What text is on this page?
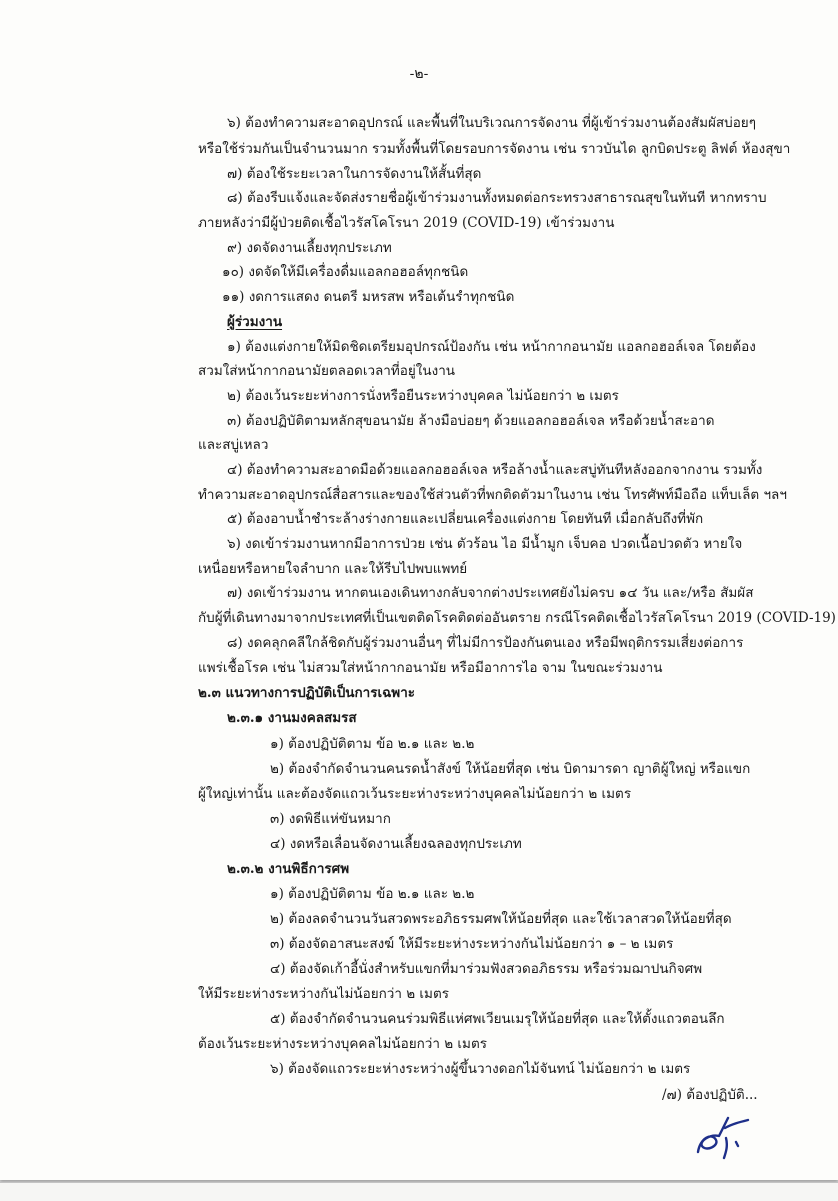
-๒-
๖) ต้องทำความสะอาดอุปกรณ์ และพื้นที่ในบริเวณการจัดงาน ที่ผู้เข้าร่วมงานต้องสัมผัสบ่อยๆ
หรือใช้ร่วมกันเป็นจำนวนมาก รวมทั้งพื้นที่โดยรอบการจัดงาน เช่น ราวบันได ลูกบิดประตู ลิฟต์ ห้องสุขา
๗) ต้องใช้ระยะเวลาในการจัดงานให้สั้นที่สุด
๘) ต้องรีบแจ้งและจัดส่งรายชื่อผู้เข้าร่วมงานทั้งหมดต่อกระทรวงสาธารณสุขในทันที หากทราบ
ภายหลังว่ามีผู้ป่วยติดเชื้อไวรัสโคโรนา 2019 (COVID-19) เข้าร่วมงาน
๙) งดจัดงานเลี้ยงทุกประเภท
๑๐) งดจัดให้มีเครื่องดื่มแอลกอฮอล์ทุกชนิด
๑๑) งดการแสดง ดนตรี มหรสพ หรือเต้นรำทุกชนิด
ผู้ร่วมงาน
๑) ต้องแต่งกายให้มิดชิดเตรียมอุปกรณ์ป้องกัน เช่น หน้ากากอนามัย แอลกอฮอล์เจล โดยต้อง
สวมใส่หน้ากากอนามัยตลอดเวลาที่อยู่ในงาน
๒) ต้องเว้นระยะห่างการนั่งหรือยืนระหว่างบุคคล ไม่น้อยกว่า ๒ เมตร
๓) ต้องปฏิบัติตามหลักสุขอนามัย ล้างมือบ่อยๆ ด้วยแอลกอฮอล์เจล หรือด้วยน้ำสะอาด
และสบู่เหลว
๔) ต้องทำความสะอาดมือด้วยแอลกอฮอล์เจล หรือล้างน้ำและสบู่ทันทีหลังออกจากงาน รวมทั้ง
ทำความสะอาดอุปกรณ์สื่อสารและของใช้ส่วนตัวที่พกติดตัวมาในงาน เช่น โทรศัพท์มือถือ แท็บเล็ต ฯลฯ
๕) ต้องอาบน้ำชำระล้างร่างกายและเปลี่ยนเครื่องแต่งกาย โดยทันที เมื่อกลับถึงที่พัก
๖) งดเข้าร่วมงานหากมีอาการป่วย เช่น ตัวร้อน ไอ มีน้ำมูก เจ็บคอ ปวดเนื้อปวดตัว หายใจ
เหนื่อยหรือหายใจลำบาก และให้รีบไปพบแพทย์
๗) งดเข้าร่วมงาน หากตนเองเดินทางกลับจากต่างประเทศยังไม่ครบ ๑๔ วัน และ/หรือ สัมผัส
กับผู้ที่เดินทางมาจากประเทศที่เป็นเขตติดโรคติดต่ออันตราย กรณีโรคติดเชื้อไวรัสโคโรนา 2019 (COVID-19)
๘) งดคลุกคลีใกล้ชิดกับผู้ร่วมงานอื่นๆ ที่ไม่มีการป้องกันตนเอง หรือมีพฤติกรรมเสี่ยงต่อการ
แพร่เชื้อโรค เช่น ไม่สวมใส่หน้ากากอนามัย หรือมีอาการไอ จาม ในขณะร่วมงาน
๒.๓ แนวทางการปฏิบัติเป็นการเฉพาะ
๒.๓.๑ งานมงคลสมรส
๑) ต้องปฏิบัติตาม ข้อ ๒.๑ และ ๒.๒
๒) ต้องจำกัดจำนวนคนรดน้ำสังข์ ให้น้อยที่สุด เช่น บิดามารดา ญาติผู้ใหญ่ หรือแขก
ผู้ใหญ่เท่านั้น และต้องจัดแถวเว้นระยะห่างระหว่างบุคคลไม่น้อยกว่า ๒ เมตร
๓) งดพิธีแห่ขันหมาก
๔) งดหรือเลื่อนจัดงานเลี้ยงฉลองทุกประเภท
๒.๓.๒ งานพิธีการศพ
๑) ต้องปฏิบัติตาม ข้อ ๒.๑ และ ๒.๒
๒) ต้องลดจำนวนวันสวดพระอภิธรรมศพให้น้อยที่สุด และใช้เวลาสวดให้น้อยที่สุด
๓) ต้องจัดอาสนะสงฆ์ ให้มีระยะห่างระหว่างกันไม่น้อยกว่า ๑ – ๒ เมตร
๔) ต้องจัดเก้าอี้นั่งสำหรับแขกที่มาร่วมฟังสวดอภิธรรม หรือร่วมฌาปนกิจศพ
ให้มีระยะห่างระหว่างกันไม่น้อยกว่า ๒ เมตร
๕) ต้องจำกัดจำนวนคนร่วมพิธีแห่ศพเวียนเมรุให้น้อยที่สุด และให้ตั้งแถวตอนลึก
ต้องเว้นระยะห่างระหว่างบุคคลไม่น้อยกว่า ๒ เมตร
๖) ต้องจัดแถวระยะห่างระหว่างผู้ขึ้นวางดอกไม้จันทน์ ไม่น้อยกว่า ๒ เมตร
/๗) ต้องปฏิบัติ...
